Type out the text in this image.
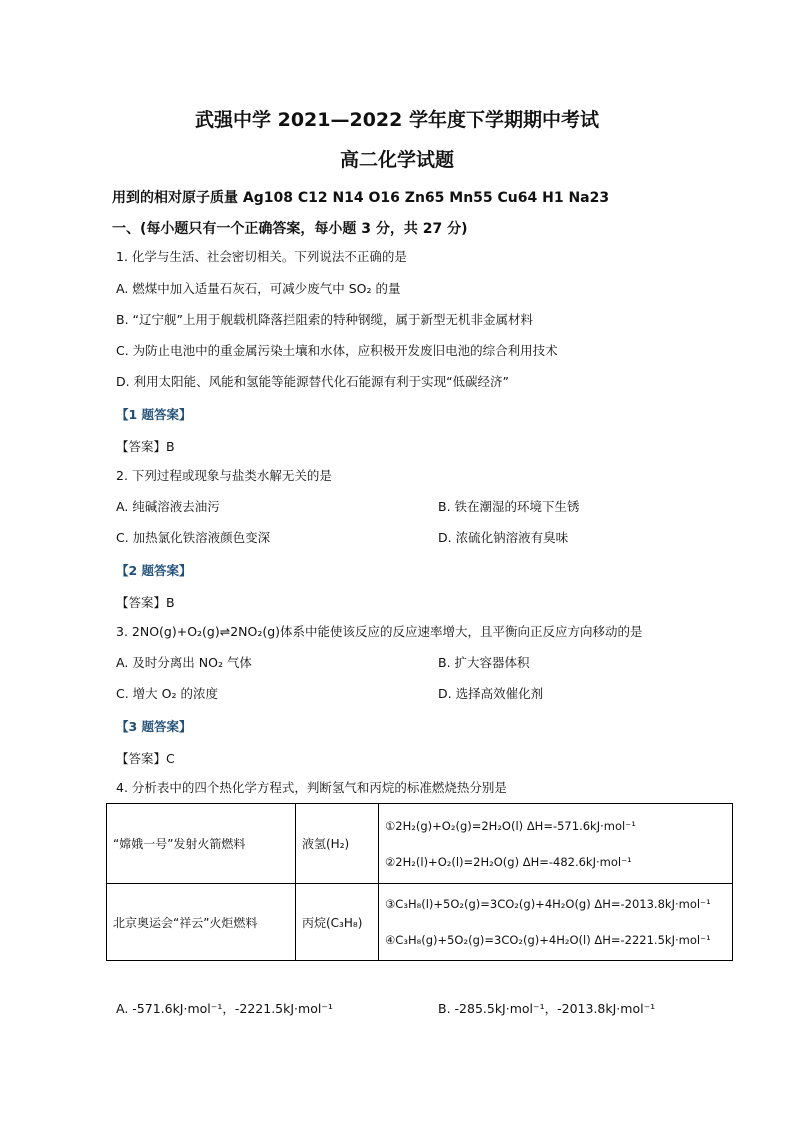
武强中学 2021—2022 学年度下学期期中考试
高二化学试题
用到的相对原子质量 Ag108 C12 N14 O16 Zn65 Mn55 Cu64 H1 Na23
一、(每小题只有一个正确答案，每小题 3 分，共 27 分)
1. 化学与生活、社会密切相关。下列说法不正确的是
A. 燃煤中加入适量石灰石，可减少废气中 SO₂ 的量
B. “辽宁舰”上用于舰载机降落拦阻索的特种钢缆，属于新型无机非金属材料
C. 为防止电池中的重金属污染土壤和水体，应积极开发废旧电池的综合利用技术
D. 利用太阳能、风能和氢能等能源替代化石能源有利于实现“低碳经济”
【1 题答案】
【答案】B
2. 下列过程或现象与盐类水解无关的是
A. 纯碱溶液去油污	B. 铁在潮湿的环境下生锈
C. 加热氯化铁溶液颜色变深	D. 浓硫化钠溶液有臭味
【2 题答案】
【答案】B
3. 2NO(g)+O₂(g)⇌2NO₂(g)体系中能使该反应的反应速率增大，且平衡向正反应方向移动的是
A. 及时分离出 NO₂ 气体	B. 扩大容器体积
C. 增大 O₂ 的浓度	D. 选择高效催化剂
【3 题答案】
【答案】C
4. 分析表中的四个热化学方程式，判断氢气和丙烷的标准燃烧热分别是
“嫦娥一号”发射火箭燃料	液氢(H₂)	①2H₂(g)+O₂(g)=2H₂O(l) ΔH=-571.6kJ·mol⁻¹
②2H₂(l)+O₂(l)=2H₂O(g) ΔH=-482.6kJ·mol⁻¹

北京奥运会“祥云”火炬燃料	丙烷(C₃H₈)	③C₃H₈(l)+5O₂(g)=3CO₂(g)+4H₂O(g) ΔH=-2013.8kJ·mol⁻¹
④C₃H₈(g)+5O₂(g)=3CO₂(g)+4H₂O(l) ΔH=-2221.5kJ·mol⁻¹
A. -571.6kJ·mol⁻¹，-2221.5kJ·mol⁻¹	B. -285.5kJ·mol⁻¹，-2013.8kJ·mol⁻¹
